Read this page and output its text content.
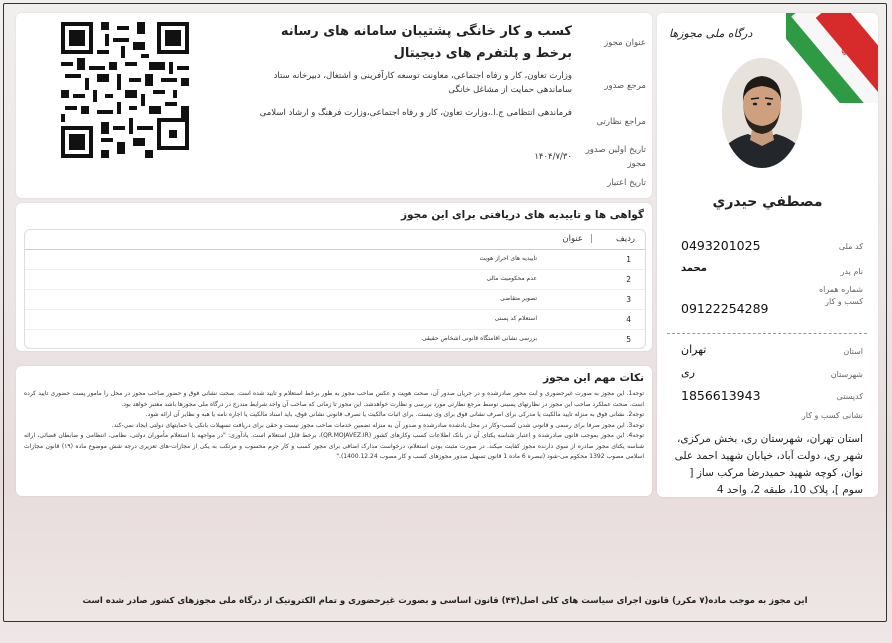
☬
درگاه ملی مجوزها
مصطفي حيدري
کد ملی
0493201025
نام پدر
محمد
شماره همراه کسب و کار
09122254289
استان
تهران
شهرستان
ری
کدپستی
1856613943
نشانی کسب و کار
استان تهران، شهرستان ری، بخش مرکزی، شهر ری، دولت آباد، خیابان شهید احمد علی نوان، کوچه شهید حمیدرضا مرکب ساز [ سوم ]، پلاک 10، طبقه 2، واحد 4
عنوان مجوز
کسب و کار خانگی پشتیبان سامانه های رسانه برخط و پلتفرم های دیجیتال
مرجع صدور
وزارت تعاون، کار و رفاه اجتماعی، معاونت توسعه کارآفرینی و اشتغال، دبیرخانه ستاد ساماندهی حمایت از مشاغل خانگی
مراجع نظارتی
فرماندهی انتظامی ج.ا.،وزارت تعاون، کار و رفاه اجتماعی،وزارت فرهنگ و ارشاد اسلامی
تاریخ اولین صدور مجوز
۱۴۰۴/۷/۳۰
تاریخ اعتبار
گواهی ها و تاییدیه های دریافتی برای این مجوز
ردیف
|
عنوان
1
تاییدیه های احراز هویت
2
عدم محکومیت مالی
3
تصویر متقاضی
4
استعلام کد پستی
5
بررسی نشانی اقامتگاه قانونی اشخاص حقیقی
نکات مهم این مجوز

توجه1. این مجوز به صورت غیرحضوری و ابت محور صادرشده و در جریان صدور آن، صحت هویت و عکس صاحب مجوز به طور برخط استعلام و تایید شده است. صحت نشانی فوق و حضور صاحب مجوز در محل را مامور پست حضوری تایید کرده است. صحت عملکرد صاحب این مجوز در نظارتهای پسینی توسط مرجع نظارتی مورد بررسی و نظارت خواهدشد. این مجوز تا زمانی که صاحب آن واجد شرایط مندرج در درگاه ملی مجوزها باشد معتبر خواهد بود.

توجه2. نشانی فوق به منزله تایید مالکیت یا مدرکی برای اصرف نشانی فوق برای وی نیست. برای اثبات مالکیت یا تصرف قانونی نشانی فوق، باید اسناد مالکیت یا اجاره نامه یا هبه و نظایر آن ارائه شود.

توجه3. این مجوز صرفا برای رسمی و قانونی شدن کسب-وکار در محل یادشده صادرشده و صدور آن به منزله تضمین خدمات صاحب مجوز نیست و حقی برای دریافت تسهیلات بانکی یا حمایتهای دولتی ایجاد نمی-کند.

توجه4. این مجوز بموجب قانون صادرشده و اعتبار شناسه یکتای آن در بانک اطلاعات کسب وکارهای کشور (QR.MOJAVEZ.IR)، برخط قابل استعلام است. یادآوری: "در مواجهه با استعلام مأموران دولتی، نظامی، انتظامی و ضابطان قضائی، ارائه شناسه یکتای مجوز صادره از سوی دارنده مجوز کفایت میکند. در صورت مثبت بودن استعلام، درخواست مدارک اضافی برای مجوز کسب و کار جرم محسوب و مرتکب به یکی از مجازات-های تعزیری درجه شش موضوع ماده (۱۹) قانون مجازات اسلامی مصوب 1392 محکوم می-شود (تبصره 6 ماده 1 قانون تسهیل صدور مجوزهای کسب و کار مصوب 1400.12.24)."

این مجوز به موجب ماده(۷ مکرر) قانون اجرای سیاست های کلی اصل(۴۴) قانون اساسی و بصورت غیرحضوری و تمام الکترونیک از درگاه ملی مجوزهای کشور صادر شده است
